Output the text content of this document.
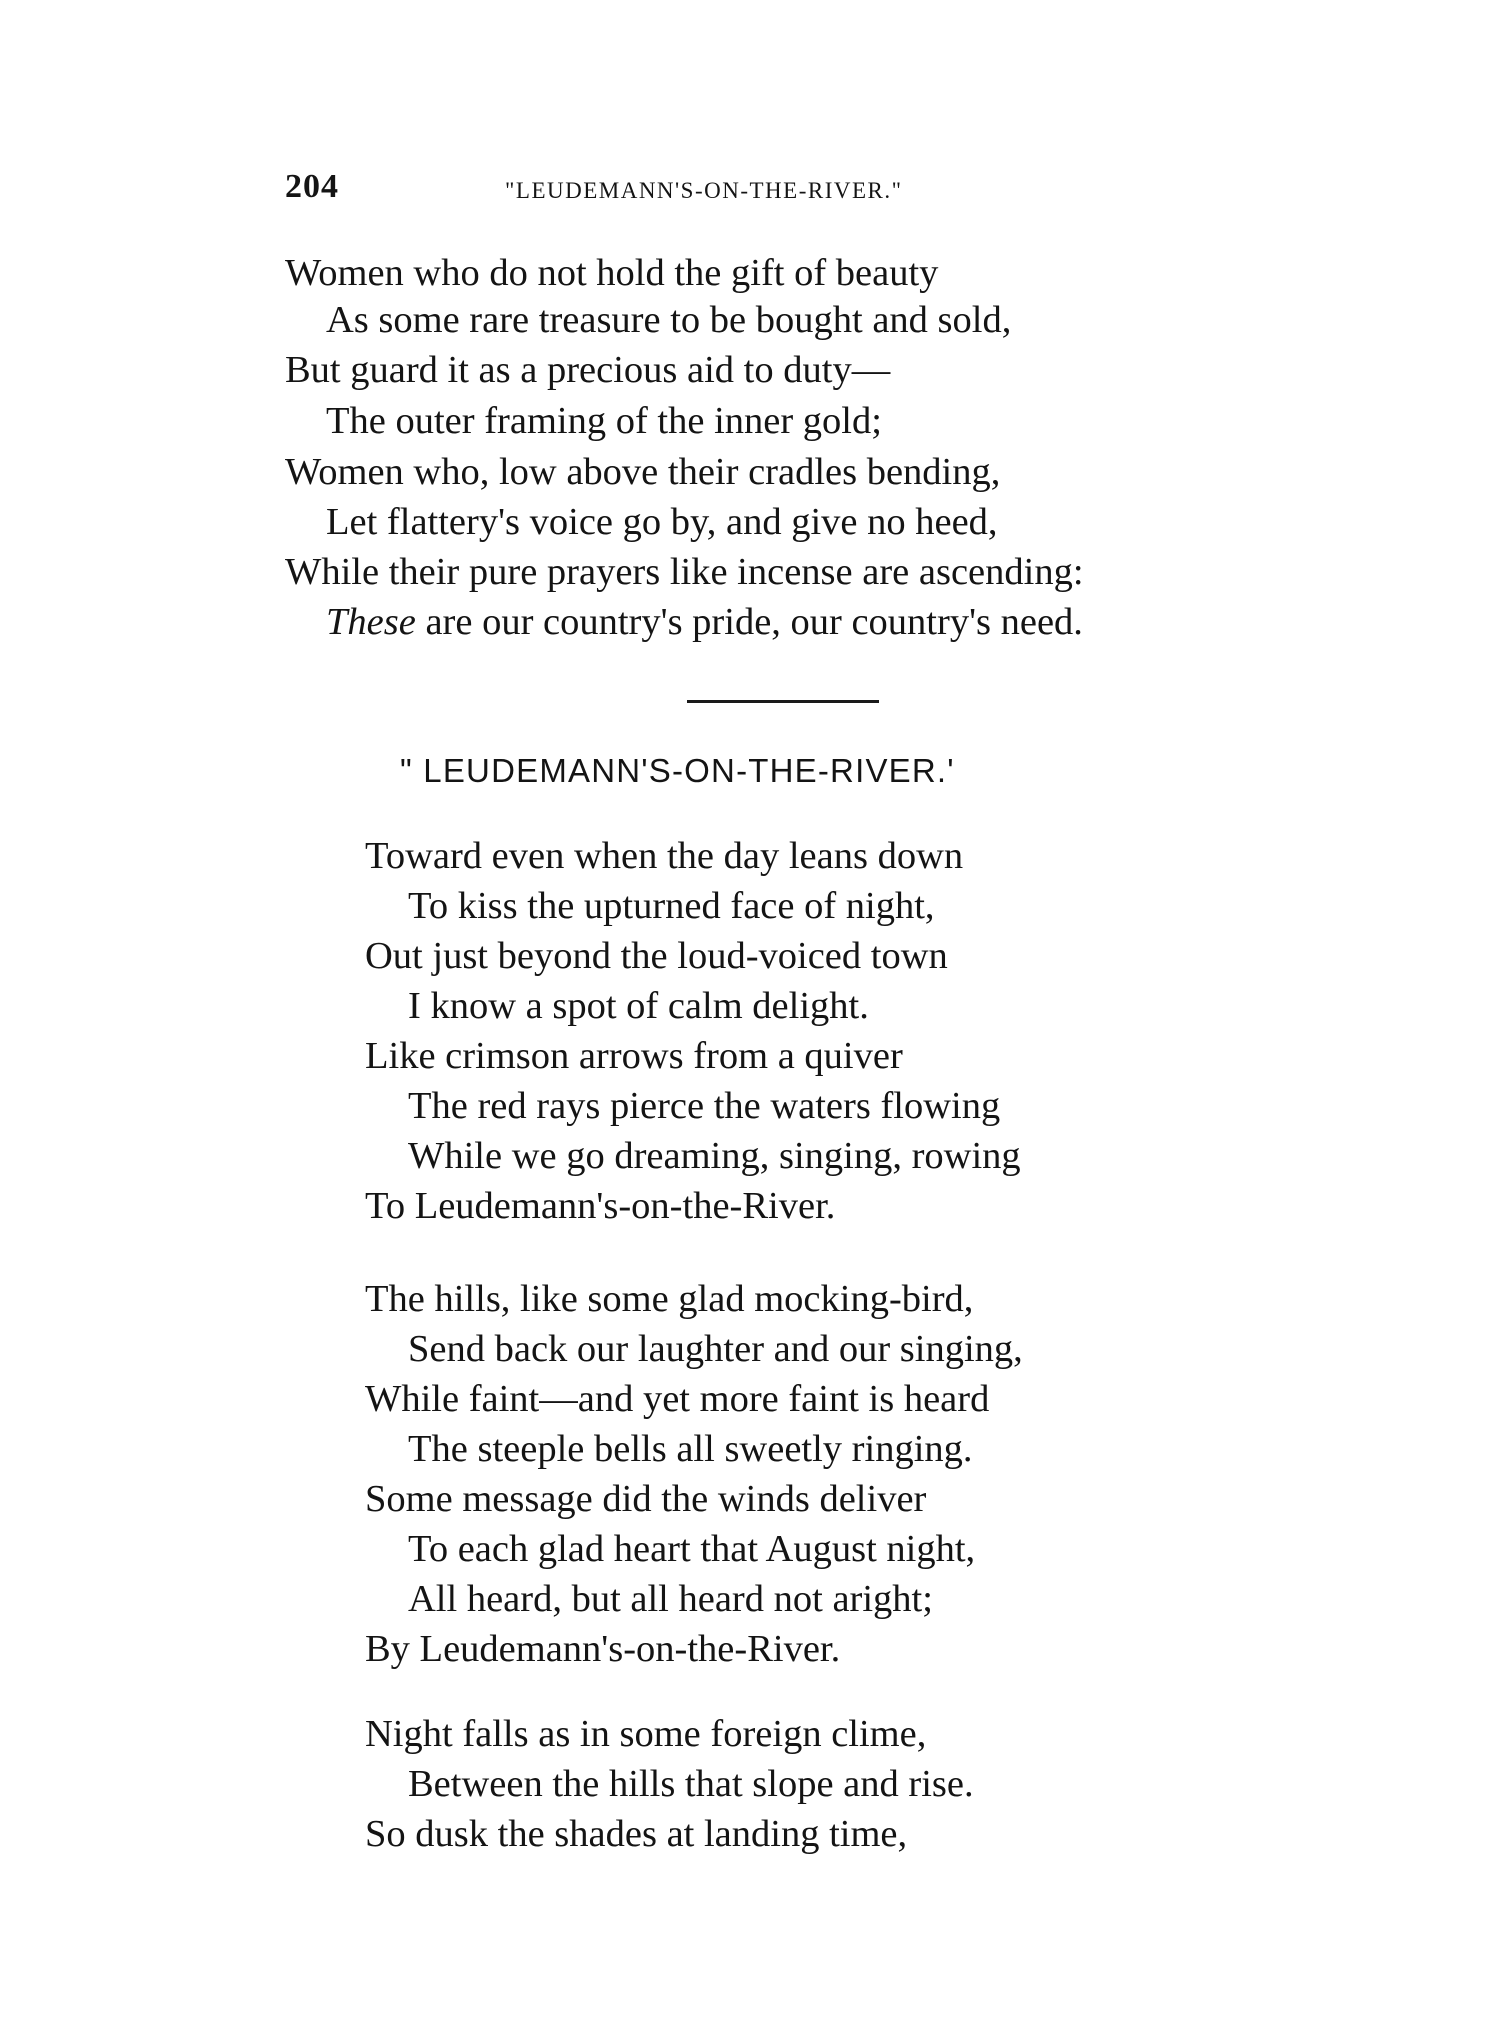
204	"LEUDEMANN'S-ON-THE-RIVER."
Women who do not hold the gift of beauty
As some rare treasure to be bought and sold,
But guard it as a precious aid to duty—
The outer framing of the inner gold;
Women who, low above their cradles bending,
Let flattery's voice go by, and give no heed,
While their pure prayers like incense are ascending:
These are our country's pride, our country's need.
" LEUDEMANN'S-ON-THE-RIVER.'
Toward even when the day leans down
To kiss the upturned face of night,
Out just beyond the loud-voiced town
I know a spot of calm delight.
Like crimson arrows from a quiver
The red rays pierce the waters flowing
While we go dreaming, singing, rowing
To Leudemann's-on-the-River.
The hills, like some glad mocking-bird,
Send back our laughter and our singing,
While faint—and yet more faint is heard
The steeple bells all sweetly ringing.
Some message did the winds deliver
To each glad heart that August night,
All heard, but all heard not aright;
By Leudemann's-on-the-River.
Night falls as in some foreign clime,
Between the hills that slope and rise.
So dusk the shades at landing time,
